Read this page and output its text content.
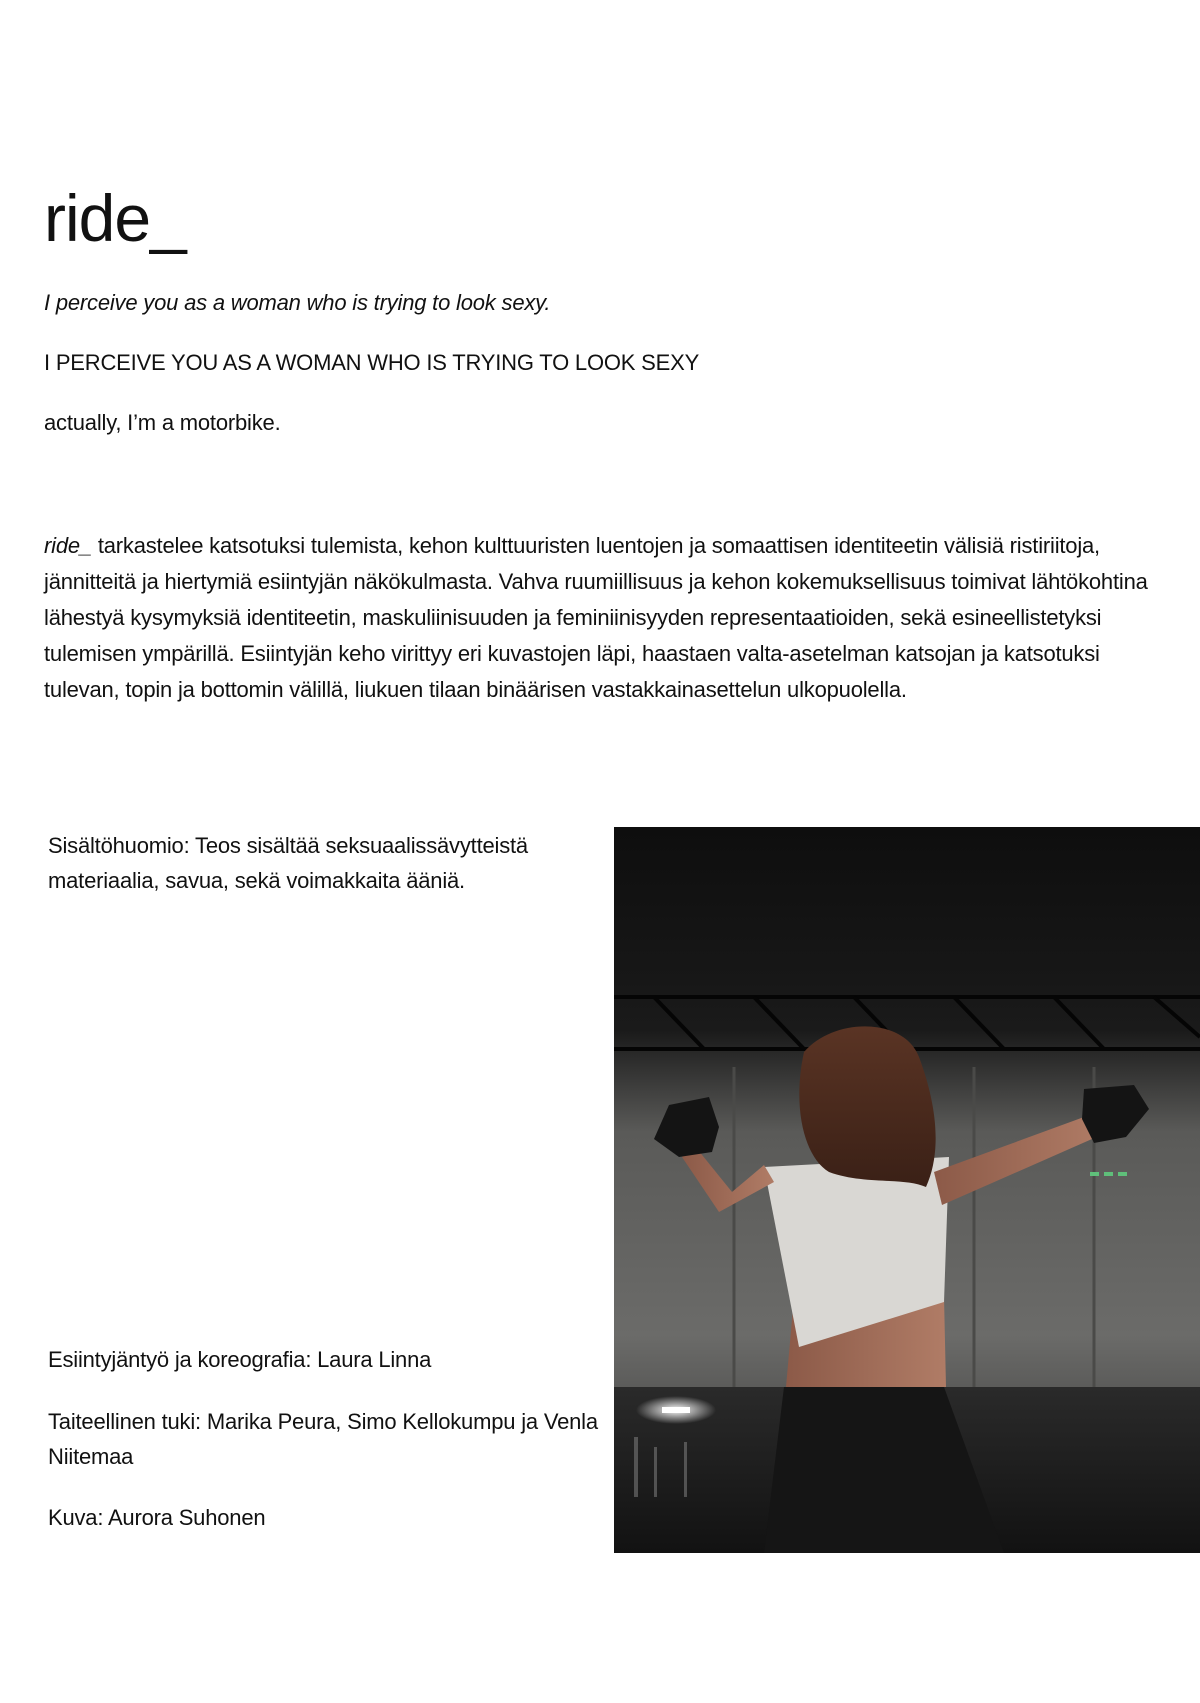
ride_

I perceive you as a woman who is trying to look sexy.

I PERCEIVE YOU AS A WOMAN WHO IS TRYING TO LOOK SEXY

actually, I’m a motorbike.

ride_ tarkastelee katsotuksi tulemista, kehon kulttuuristen luentojen ja somaattisen identiteetin välisiä ristiriitoja, jännitteitä ja hiertymiä esiintyjän näkökulmasta. Vahva ruumiillisuus ja kehon kokemuksellisuus toimivat lähtökohtina lähestyä kysymyksiä identiteetin, maskuliinisuuden ja feminiinisyyden representaatioiden, sekä esineellistetyksi tulemisen ympärillä. Esiintyjän keho virittyy eri kuvastojen läpi, haastaen valta-asetelman katsojan ja katsotuksi tulevan, topin ja bottomin välillä, liukuen tilaan binäärisen vastakkainasettelun ulkopuolella.

Sisältöhuomio: Teos sisältää seksuaalissävytteistä materiaalia, savua, sekä voimakkaita ääniä.

Esiintyjäntyö ja koreografia: Laura Linna

Taiteellinen tuki: Marika Peura, Simo Kellokumpu ja Venla Niitemaa

Kuva: Aurora Suhonen
